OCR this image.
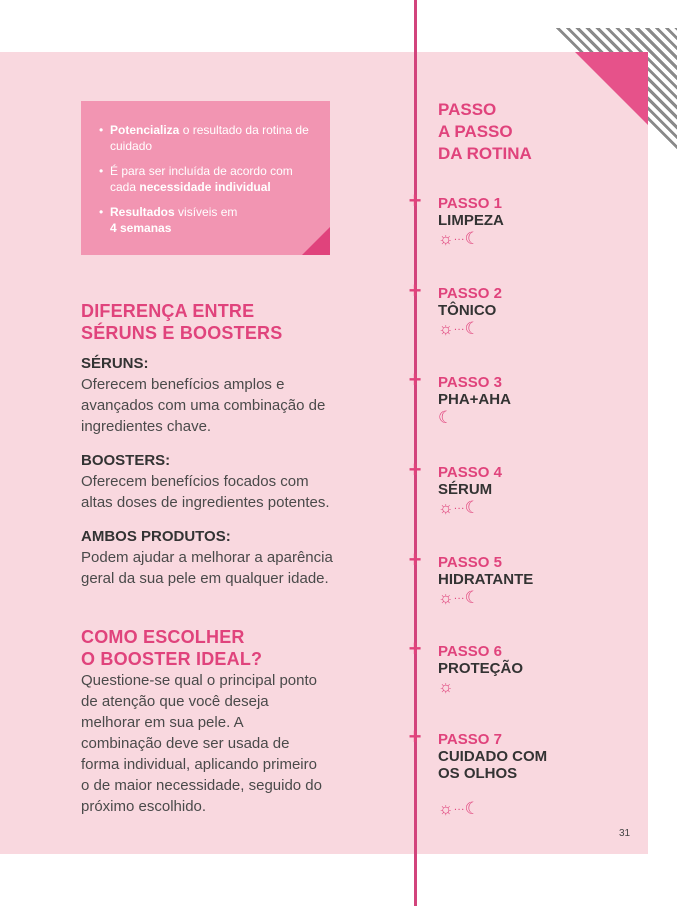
• Potencializa o resultado da rotina de cuidado
• É para ser incluída de acordo com cada necessidade individual
• Resultados visíveis em
4 semanas
DIFERENÇA ENTRE
SÉRUNS E BOOSTERS
SÉRUNS:
Oferecem benefícios amplos e avançados com uma combinação de ingredientes chave.
BOOSTERS:
Oferecem benefícios focados com altas doses de ingredientes potentes.
AMBOS PRODUTOS:
Podem ajudar a melhorar a aparência geral da sua pele em qualquer idade.
COMO ESCOLHER
O BOOSTER IDEAL?
Questione-se qual o principal ponto de atenção que você deseja melhorar em sua pele. A combinação deve ser usada de forma individual, aplicando primeiro o de maior necessidade, seguido do próximo escolhido.
PASSO
A PASSO
DA ROTINA
+ PASSO 1
LIMPEZA
☼···☾
+ PASSO 2
TÔNICO
☼···☾
+ PASSO 3
PHA+AHA
☾
+ PASSO 4
SÉRUM
☼···☾
+ PASSO 5
HIDRATANTE
☼···☾
+ PASSO 6
PROTEÇÃO
☼
+ PASSO 7
CUIDADO COM OS OLHOS
☼···☾
31
